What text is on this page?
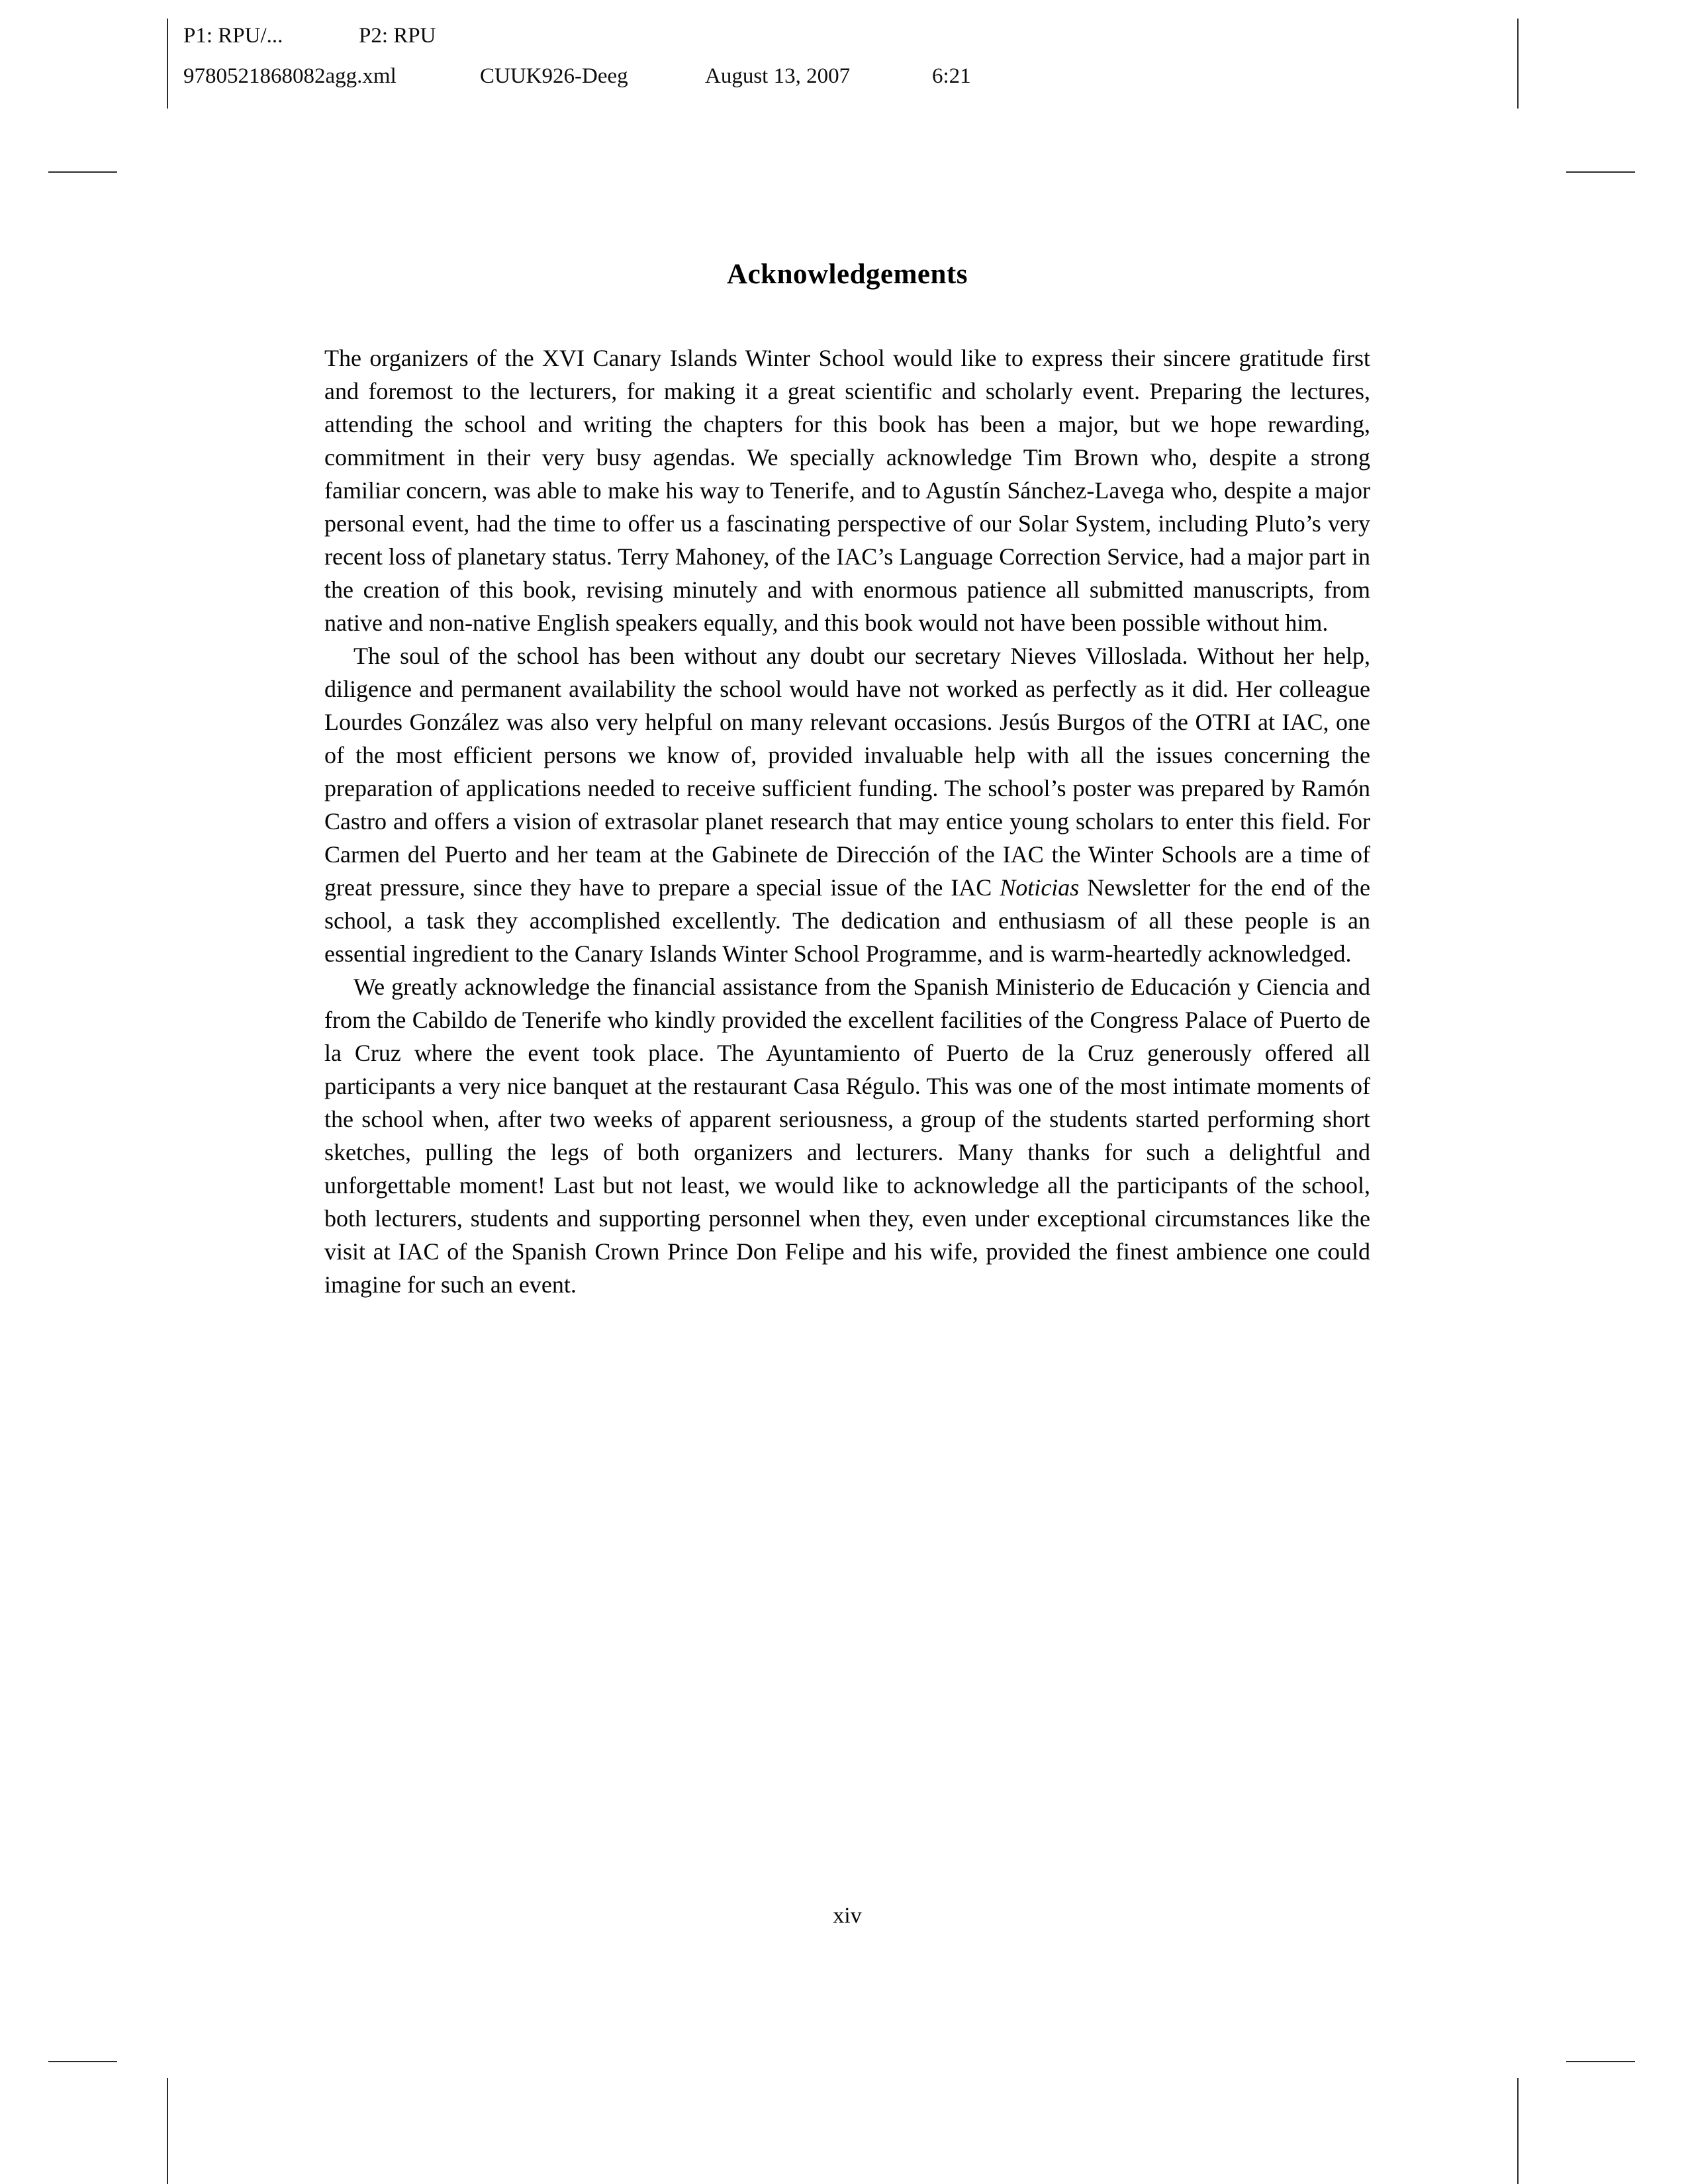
P1: RPU/...	P2: RPU
9780521868082agg.xml	CUUK926-Deeg	August 13, 2007	6:21
Acknowledgements

The organizers of the XVI Canary Islands Winter School would like to express their sincere gratitude first and foremost to the lecturers, for making it a great scientific and scholarly event. Preparing the lectures, attending the school and writing the chapters for this book has been a major, but we hope rewarding, commitment in their very busy agendas. We specially acknowledge Tim Brown who, despite a strong familiar concern, was able to make his way to Tenerife, and to Agustín Sánchez-Lavega who, despite a major personal event, had the time to offer us a fascinating perspective of our Solar System, including Pluto’s very recent loss of planetary status. Terry Mahoney, of the IAC’s Language Correction Service, had a major part in the creation of this book, revising minutely and with enormous patience all submitted manuscripts, from native and non-native English speakers equally, and this book would not have been possible without him.

The soul of the school has been without any doubt our secretary Nieves Villoslada. Without her help, diligence and permanent availability the school would have not worked as perfectly as it did. Her colleague Lourdes González was also very helpful on many relevant occasions. Jesús Burgos of the OTRI at IAC, one of the most efficient persons we know of, provided invaluable help with all the issues concerning the preparation of applications needed to receive sufficient funding. The school’s poster was prepared by Ramón Castro and offers a vision of extrasolar planet research that may entice young scholars to enter this field. For Carmen del Puerto and her team at the Gabinete de Dirección of the IAC the Winter Schools are a time of great pressure, since they have to prepare a special issue of the IAC Noticias Newsletter for the end of the school, a task they accomplished excellently. The dedication and enthusiasm of all these people is an essential ingredient to the Canary Islands Winter School Programme, and is warm-heartedly acknowledged.

We greatly acknowledge the financial assistance from the Spanish Ministerio de Educación y Ciencia and from the Cabildo de Tenerife who kindly provided the excellent facilities of the Congress Palace of Puerto de la Cruz where the event took place. The Ayuntamiento of Puerto de la Cruz generously offered all participants a very nice banquet at the restaurant Casa Régulo. This was one of the most intimate moments of the school when, after two weeks of apparent seriousness, a group of the students started performing short sketches, pulling the legs of both organizers and lecturers. Many thanks for such a delightful and unforgettable moment! Last but not least, we would like to acknowledge all the participants of the school, both lecturers, students and supporting personnel when they, even under exceptional circumstances like the visit at IAC of the Spanish Crown Prince Don Felipe and his wife, provided the finest ambience one could imagine for such an event.

xiv
